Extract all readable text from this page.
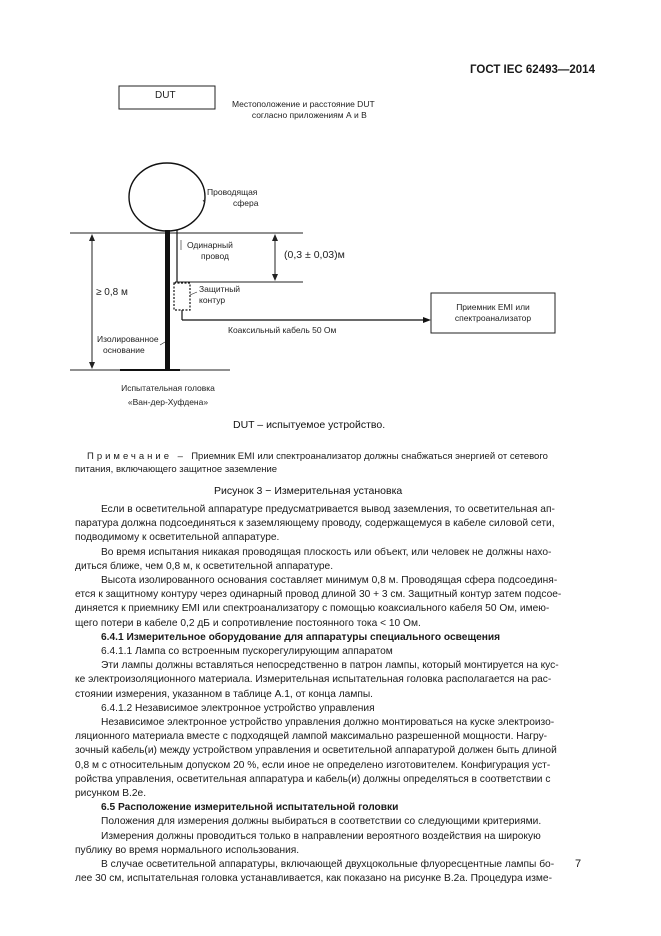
ГОСТ IEC 62493—2014
DUT
Местоположение и расстояние DUT
согласно приложениям А и В
Проводящая
сфера
Одинарный
провод	(0,3 ± 0,03)м
≥ 0,8 м	Защитный
контур
Приемник EMI или
спектроанализатор
Коаксильный кабель 50 Ом
Изолированное
основание
Испытательная головка
«Ван-дер-Хуфдена»
DUT – испытуемое устройство.
Примечание – Приемник EMI или спектроанализатор должны снабжаться энергией от сетевого
питания, включающего защитное заземление
Рисунок 3 − Измерительная установка

Если в осветительной аппаратуре предусматривается вывод заземления, то осветительная ап-

паратура должна подсоединяться к заземляющему проводу, содержащемуся в кабеле силовой сети,

подводимому к осветительной аппаратуре.

Во время испытания никакая проводящая плоскость или объект, или человек не должны нахо-

диться ближе, чем 0,8 м, к осветительной аппаратуре.

Высота изолированного основания составляет минимум 0,8 м. Проводящая сфера подсоединя-

ется к защитному контуру через одинарный провод длиной 30 + 3 см. Защитный контур затем подсое-

диняется к приемнику EMI или спектроанализатору с помощью коаксиального кабеля 50 Ом, имею-

щего потери в кабеле 0,2 дБ и сопротивление постоянного тока < 10 Ом.

6.4.1 Измерительное оборудование для аппаратуры специального освещения

6.4.1.1 Лампа со встроенным пускорегулирующим аппаратом

Эти лампы должны вставляться непосредственно в патрон лампы, который монтируется на кус-

ке электроизоляционного материала. Измерительная испытательная головка располагается на рас-

стоянии измерения, указанном в таблице А.1, от конца лампы.

6.4.1.2 Независимое электронное устройство управления

Независимое электронное устройство управления должно монтироваться на куске электроизо-

ляционного материала вместе с подходящей лампой максимально разрешенной мощности. Нагру-

зочный кабель(и) между устройством управления и осветительной аппаратурой должен быть длиной

0,8 м с относительным допуском 20 %, если иное не определено изготовителем. Конфигурация уст-

ройства управления, осветительная аппаратура и кабель(и) должны определяться в соответствии с

рисунком В.2е.

6.5 Расположение измерительной испытательной головки

Положения для измерения должны выбираться в соответствии со следующими критериями.

Измерения должны проводиться только в направлении вероятного воздействия на широкую

публику во время нормального использования.

В случае осветительной аппаратуры, включающей двухцокольные флуоресцентные лампы бо-

лее 30 см, испытательная головка устанавливается, как показано на рисунке В.2а. Процедура изме-

7
